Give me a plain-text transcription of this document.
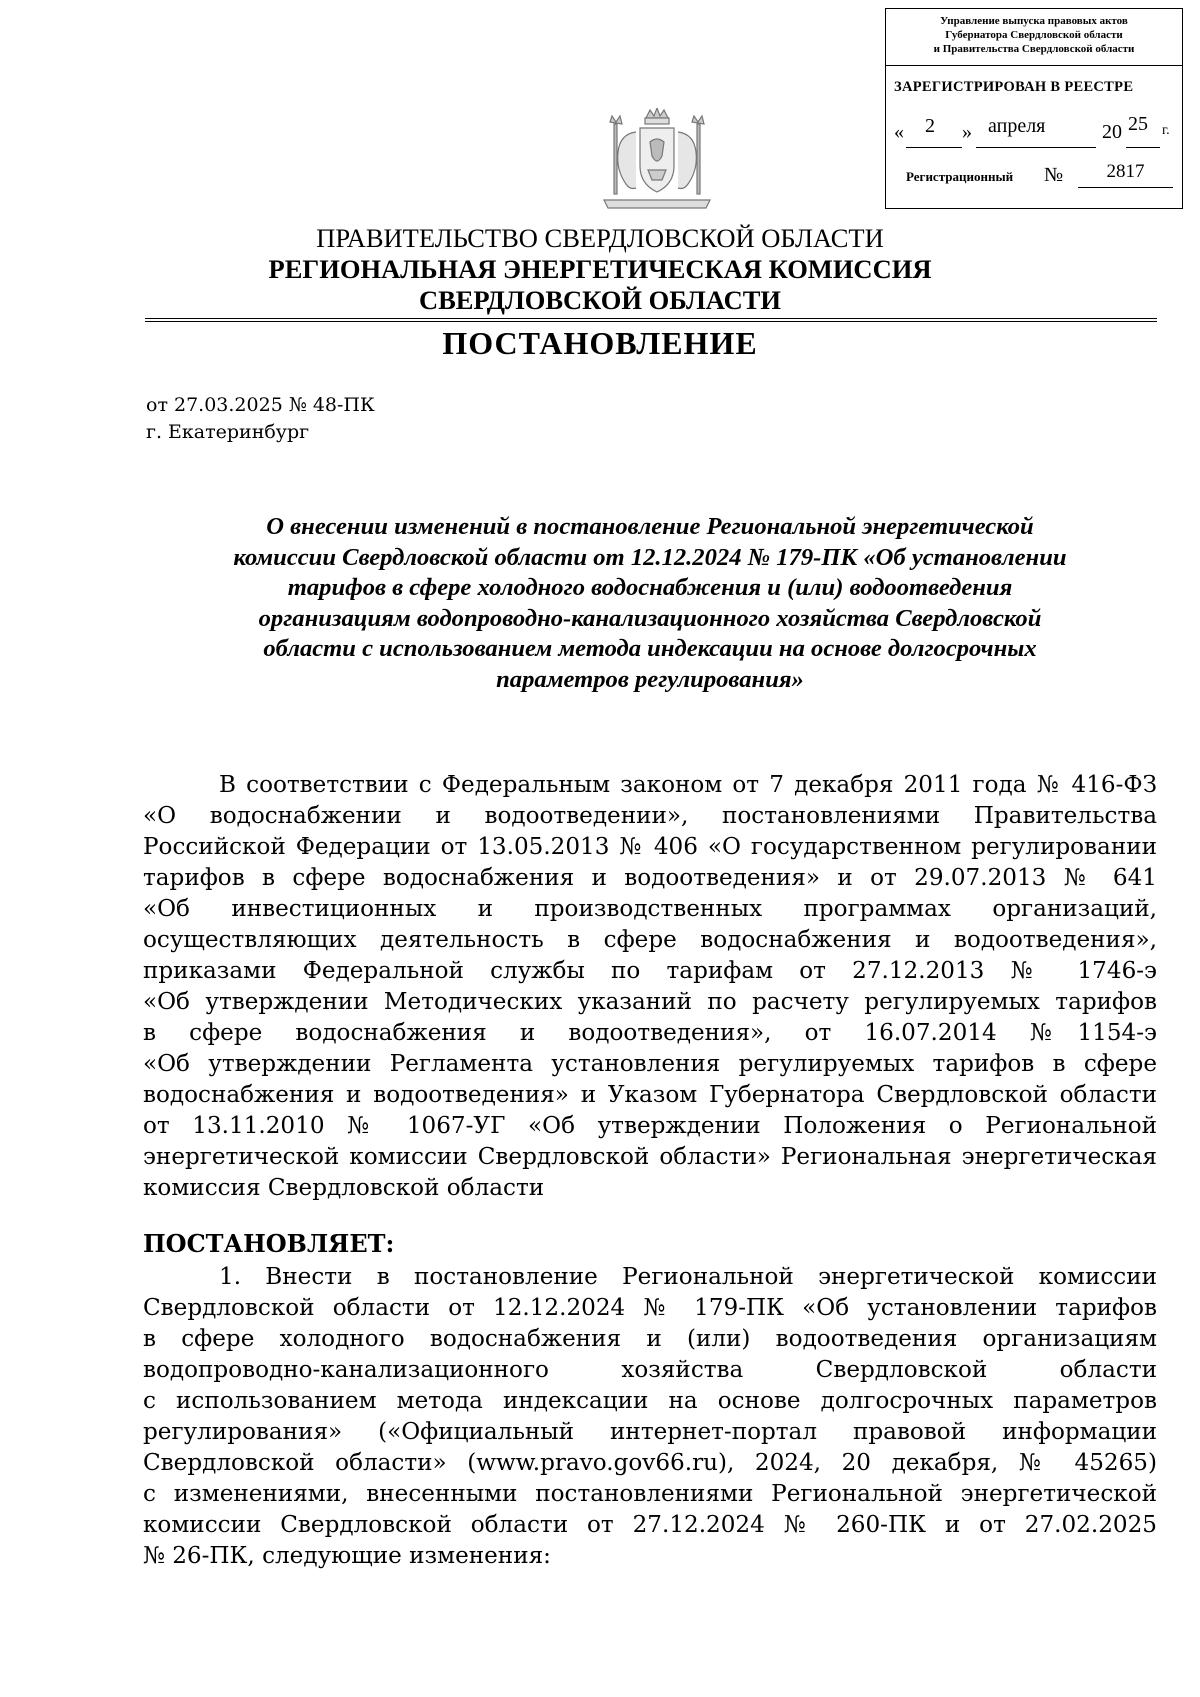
Управление выпуска правовых актов
Губернатора Свердловской области
и Правительства Свердловской области
ЗАРЕГИСТРИРОВАН В РЕЕСТРЕ
« 2 » апреля	20 25 г.
Регистрационный №	2817
ПРАВИТЕЛЬСТВО СВЕРДЛОВСКОЙ ОБЛАСТИ
РЕГИОНАЛЬНАЯ ЭНЕРГЕТИЧЕСКАЯ КОМИССИЯ
СВЕРДЛОВСКОЙ ОБЛАСТИ
ПОСТАНОВЛЕНИЕ
от 27.03.2025 № 48-ПК
г. Екатеринбург
О внесении изменений в постановление Региональной энергетической
комиссии Свердловской области от 12.12.2024 № 179-ПК «Об установлении
тарифов в сфере холодного водоснабжения и (или) водоотведения
организациям водопроводно-канализационного хозяйства Свердловской
области с использованием метода индексации на основе долгосрочных
параметров регулирования»
В соответствии с Федеральным законом от 7 декабря 2011 года № 416-ФЗ
«О водоснабжении и водоотведении», постановлениями Правительства
Российской Федерации от 13.05.2013 № 406 «О государственном регулировании
тарифов в сфере водоснабжения и водоотведения» и от 29.07.2013 № 641
«Об инвестиционных и производственных программах организаций,
осуществляющих деятельность в сфере водоснабжения и водоотведения»,
приказами Федеральной службы по тарифам от 27.12.2013 № 1746-э
«Об утверждении Методических указаний по расчету регулируемых тарифов
в сфере водоснабжения и водоотведения», от 16.07.2014 №1154-э
«Об утверждении Регламента установления регулируемых тарифов в сфере
водоснабжения и водоотведения» и Указом Губернатора Свердловской области
от 13.11.2010 № 1067-УГ «Об утверждении Положения о Региональной
энергетической комиссии Свердловской области» Региональная энергетическая
комиссия Свердловской области
ПОСТАНОВЛЯЕТ:
1. Внести в постановление Региональной энергетической комиссии
Свердловской области от 12.12.2024 № 179-ПК «Об установлении тарифов
в сфере холодного водоснабжения и (или) водоотведения организациям
водопроводно-канализационного хозяйства Свердловской области
с использованием метода индексации на основе долгосрочных параметров
регулирования» («Официальный интернет-портал правовой информации
Свердловской области» (www.pravo.gov66.ru), 2024, 20 декабря, № 45265)
с изменениями, внесенными постановлениями Региональной энергетической
комиссии Свердловской области от 27.12.2024 № 260-ПК и от 27.02.2025
№ 26-ПК, следующие изменения:
